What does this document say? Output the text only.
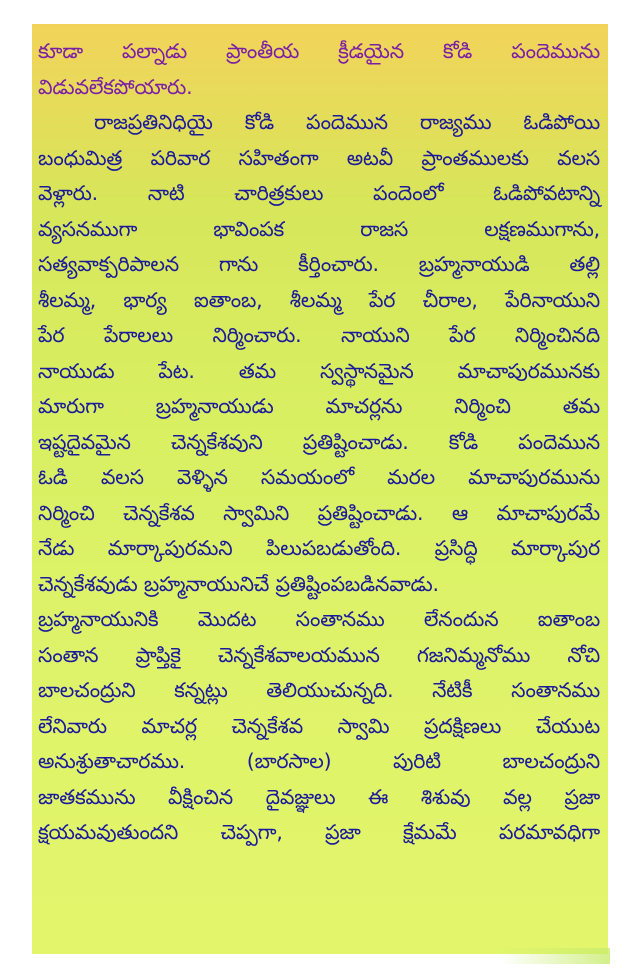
కూడా పల్నాడు ప్రాంతీయ క్రీడయైన కోడి పందెమును
విడువలేకపోయారు.
రాజప్రతినిధియై కోడి పందెమున రాజ్యము ఓడిపోయి
బంధుమిత్ర పరివార సహితంగా అటవీ ప్రాంతములకు వలస
వెళ్లారు. నాటి చారిత్రకులు పందెంలో ఓడిపోవటాన్ని
వ్యసనముగా భావింపక రాజస లక్షణముగాను,
సత్యవాక్పరిపాలన గాను కీర్తించారు. బ్రహ్మనాయుడి తల్లి
శీలమ్మ, భార్య ఐతాంబ, శీలమ్మ పేర చీరాల, పేరినాయుని
పేర పేరాలలు నిర్మించారు. నాయుని పేర నిర్మించినది
నాయుడు పేట. తమ స్వస్థానమైన మాచాపురమునకు
మారుగా బ్రహ్మనాయుడు మాచర్లను నిర్మించి తమ
ఇష్టదైవమైన చెన్నకేశవుని ప్రతిష్టించాడు. కోడి పందెమున
ఓడి వలస వెళ్ళిన సమయంలో మరల మాచాపురమును
నిర్మించి చెన్నకేశవ స్వామిని ప్రతిష్టించాడు. ఆ మాచాపురమే
నేడు మార్కాపురమని పిలుపబడుతోంది. ప్రసిద్ధి మార్కాపుర
చెన్నకేశవుడు బ్రహ్మనాయునిచే ప్రతిష్టింపబడినవాడు.
బ్రహ్మనాయునికి మొదట సంతానము లేనందున ఐతాంబ
సంతాన ప్రాప్తికై చెన్నకేశవాలయమున గజనిమ్మనోము నోచి
బాలచంద్రుని కన్నట్లు తెలియుచున్నది. నేటికీ సంతానము
లేనివారు మాచర్ల చెన్నకేశవ స్వామి ప్రదక్షిణలు చేయుట
అనుశ్రుతాచారము. (బారసాల) పురిటి బాలచంద్రుని
జాతకమును వీక్షించిన దైవజ్ఞులు ఈ శిశువు వల్ల ప్రజా
క్షయమవుతుందని చెప్పగా, ప్రజా క్షేమమే పరమావధిగా
